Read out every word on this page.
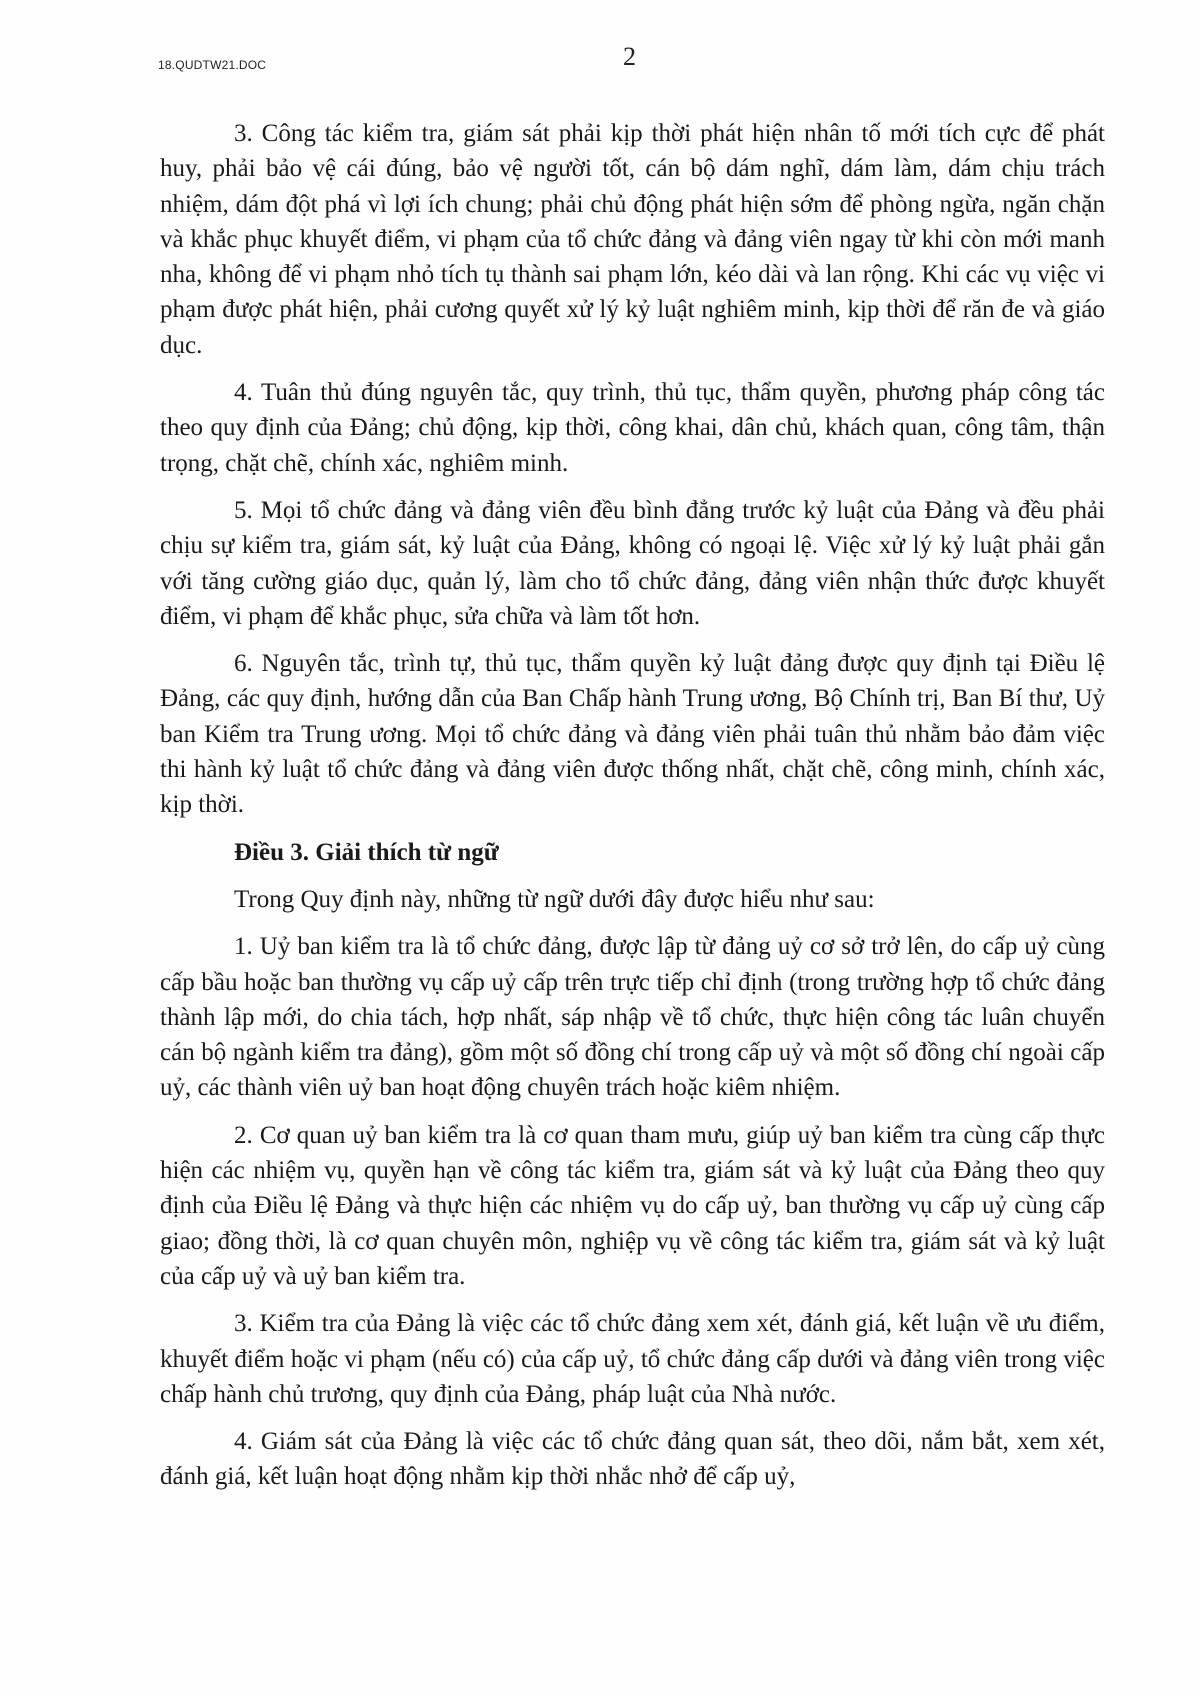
18.QUDTW21.DOC	2

3. Công tác kiểm tra, giám sát phải kịp thời phát hiện nhân tố mới tích cực để phát huy, phải bảo vệ cái đúng, bảo vệ người tốt, cán bộ dám nghĩ, dám làm, dám chịu trách nhiệm, dám đột phá vì lợi ích chung; phải chủ động phát hiện sớm để phòng ngừa, ngăn chặn và khắc phục khuyết điểm, vi phạm của tổ chức đảng và đảng viên ngay từ khi còn mới manh nha, không để vi phạm nhỏ tích tụ thành sai phạm lớn, kéo dài và lan rộng. Khi các vụ việc vi phạm được phát hiện, phải cương quyết xử lý kỷ luật nghiêm minh, kịp thời để răn đe và giáo dục.

4. Tuân thủ đúng nguyên tắc, quy trình, thủ tục, thẩm quyền, phương pháp công tác theo quy định của Đảng; chủ động, kịp thời, công khai, dân chủ, khách quan, công tâm, thận trọng, chặt chẽ, chính xác, nghiêm minh.

5. Mọi tổ chức đảng và đảng viên đều bình đẳng trước kỷ luật của Đảng và đều phải chịu sự kiểm tra, giám sát, kỷ luật của Đảng, không có ngoại lệ. Việc xử lý kỷ luật phải gắn với tăng cường giáo dục, quản lý, làm cho tổ chức đảng, đảng viên nhận thức được khuyết điểm, vi phạm để khắc phục, sửa chữa và làm tốt hơn.

6. Nguyên tắc, trình tự, thủ tục, thẩm quyền kỷ luật đảng được quy định tại Điều lệ Đảng, các quy định, hướng dẫn của Ban Chấp hành Trung ương, Bộ Chính trị, Ban Bí thư, Uỷ ban Kiểm tra Trung ương. Mọi tổ chức đảng và đảng viên phải tuân thủ nhằm bảo đảm việc thi hành kỷ luật tổ chức đảng và đảng viên được thống nhất, chặt chẽ, công minh, chính xác, kịp thời.

Điều 3. Giải thích từ ngữ

Trong Quy định này, những từ ngữ dưới đây được hiểu như sau:

1. Uỷ ban kiểm tra là tổ chức đảng, được lập từ đảng uỷ cơ sở trở lên, do cấp uỷ cùng cấp bầu hoặc ban thường vụ cấp uỷ cấp trên trực tiếp chỉ định (trong trường hợp tổ chức đảng thành lập mới, do chia tách, hợp nhất, sáp nhập về tổ chức, thực hiện công tác luân chuyển cán bộ ngành kiểm tra đảng), gồm một số đồng chí trong cấp uỷ và một số đồng chí ngoài cấp uỷ, các thành viên uỷ ban hoạt động chuyên trách hoặc kiêm nhiệm.

2. Cơ quan uỷ ban kiểm tra là cơ quan tham mưu, giúp uỷ ban kiểm tra cùng cấp thực hiện các nhiệm vụ, quyền hạn về công tác kiểm tra, giám sát và kỷ luật của Đảng theo quy định của Điều lệ Đảng và thực hiện các nhiệm vụ do cấp uỷ, ban thường vụ cấp uỷ cùng cấp giao; đồng thời, là cơ quan chuyên môn, nghiệp vụ về công tác kiểm tra, giám sát và kỷ luật của cấp uỷ và uỷ ban kiểm tra.

3. Kiểm tra của Đảng là việc các tổ chức đảng xem xét, đánh giá, kết luận về ưu điểm, khuyết điểm hoặc vi phạm (nếu có) của cấp uỷ, tổ chức đảng cấp dưới và đảng viên trong việc chấp hành chủ trương, quy định của Đảng, pháp luật của Nhà nước.

4. Giám sát của Đảng là việc các tổ chức đảng quan sát, theo dõi, nắm bắt, xem xét, đánh giá, kết luận hoạt động nhằm kịp thời nhắc nhở để cấp uỷ,
